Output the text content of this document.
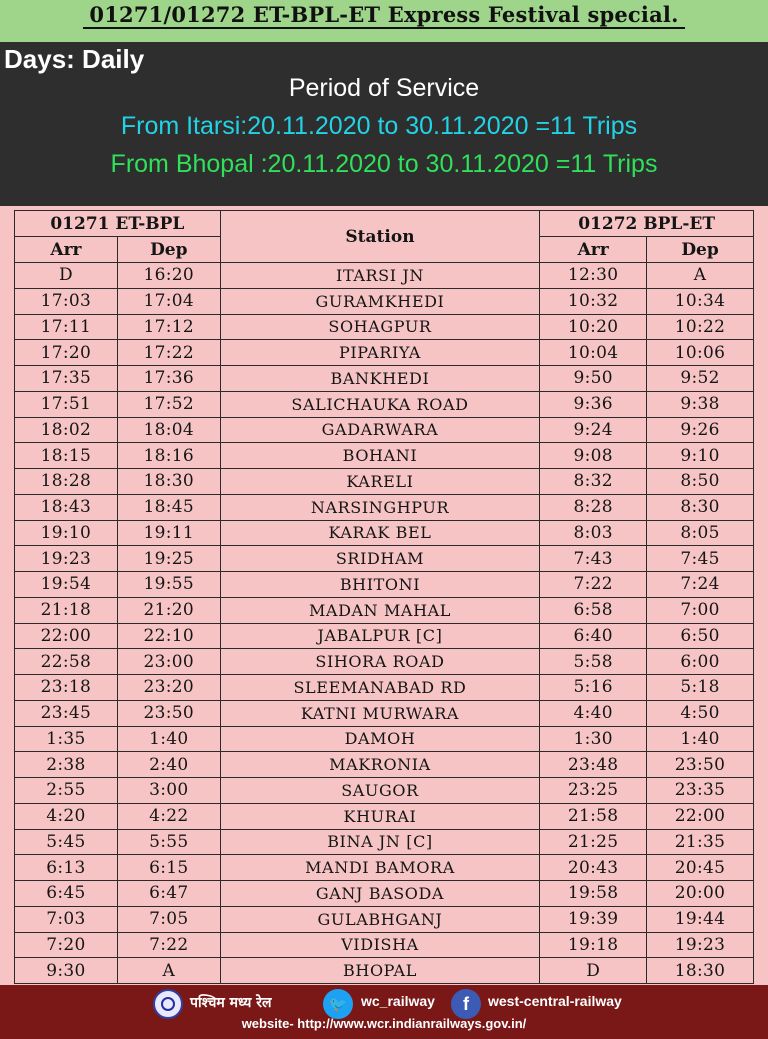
01271/01272 ET-BPL-ET Express Festival special.
Days: Daily
Period of Service
From Itarsi:20.11.2020 to 30.11.2020 =11 Trips
From Bhopal :20.11.2020 to 30.11.2020 =11 Trips
01271 ET-BPL		Station	01272 BPL-ET	
Arr	Dep		Arr	Dep
D	16:20	ITARSI JN	12:30	A
17:03	17:04	GURAMKHEDI	10:32	10:34
17:11	17:12	SOHAGPUR	10:20	10:22
17:20	17:22	PIPARIYA	10:04	10:06
17:35	17:36	BANKHEDI	9:50	9:52
17:51	17:52	SALICHAUKA ROAD	9:36	9:38
18:02	18:04	GADARWARA	9:24	9:26
18:15	18:16	BOHANI	9:08	9:10
18:28	18:30	KARELI	8:32	8:50
18:43	18:45	NARSINGHPUR	8:28	8:30
19:10	19:11	KARAK BEL	8:03	8:05
19:23	19:25	SRIDHAM	7:43	7:45
19:54	19:55	BHITONI	7:22	7:24
21:18	21:20	MADAN MAHAL	6:58	7:00
22:00	22:10	JABALPUR [C]	6:40	6:50
22:58	23:00	SIHORA ROAD	5:58	6:00
23:18	23:20	SLEEMANABAD RD	5:16	5:18
23:45	23:50	KATNI MURWARA	4:40	4:50
1:35	1:40	DAMOH	1:30	1:40
2:38	2:40	MAKRONIA	23:48	23:50
2:55	3:00	SAUGOR	23:25	23:35
4:20	4:22	KHURAI	21:58	22:00
5:45	5:55	BINA JN [C]	21:25	21:35
6:13	6:15	MANDI BAMORA	20:43	20:45
6:45	6:47	GANJ BASODA	19:58	20:00
7:03	7:05	GULABHGANJ	19:39	19:44
7:20	7:22	VIDISHA	19:18	19:23
9:30	A	BHOPAL	D	18:30
पश्चिम मध्य रेल	🐦 wc_railway	f	west-central-railway
website- http://www.wcr.indianrailways.gov.in/
